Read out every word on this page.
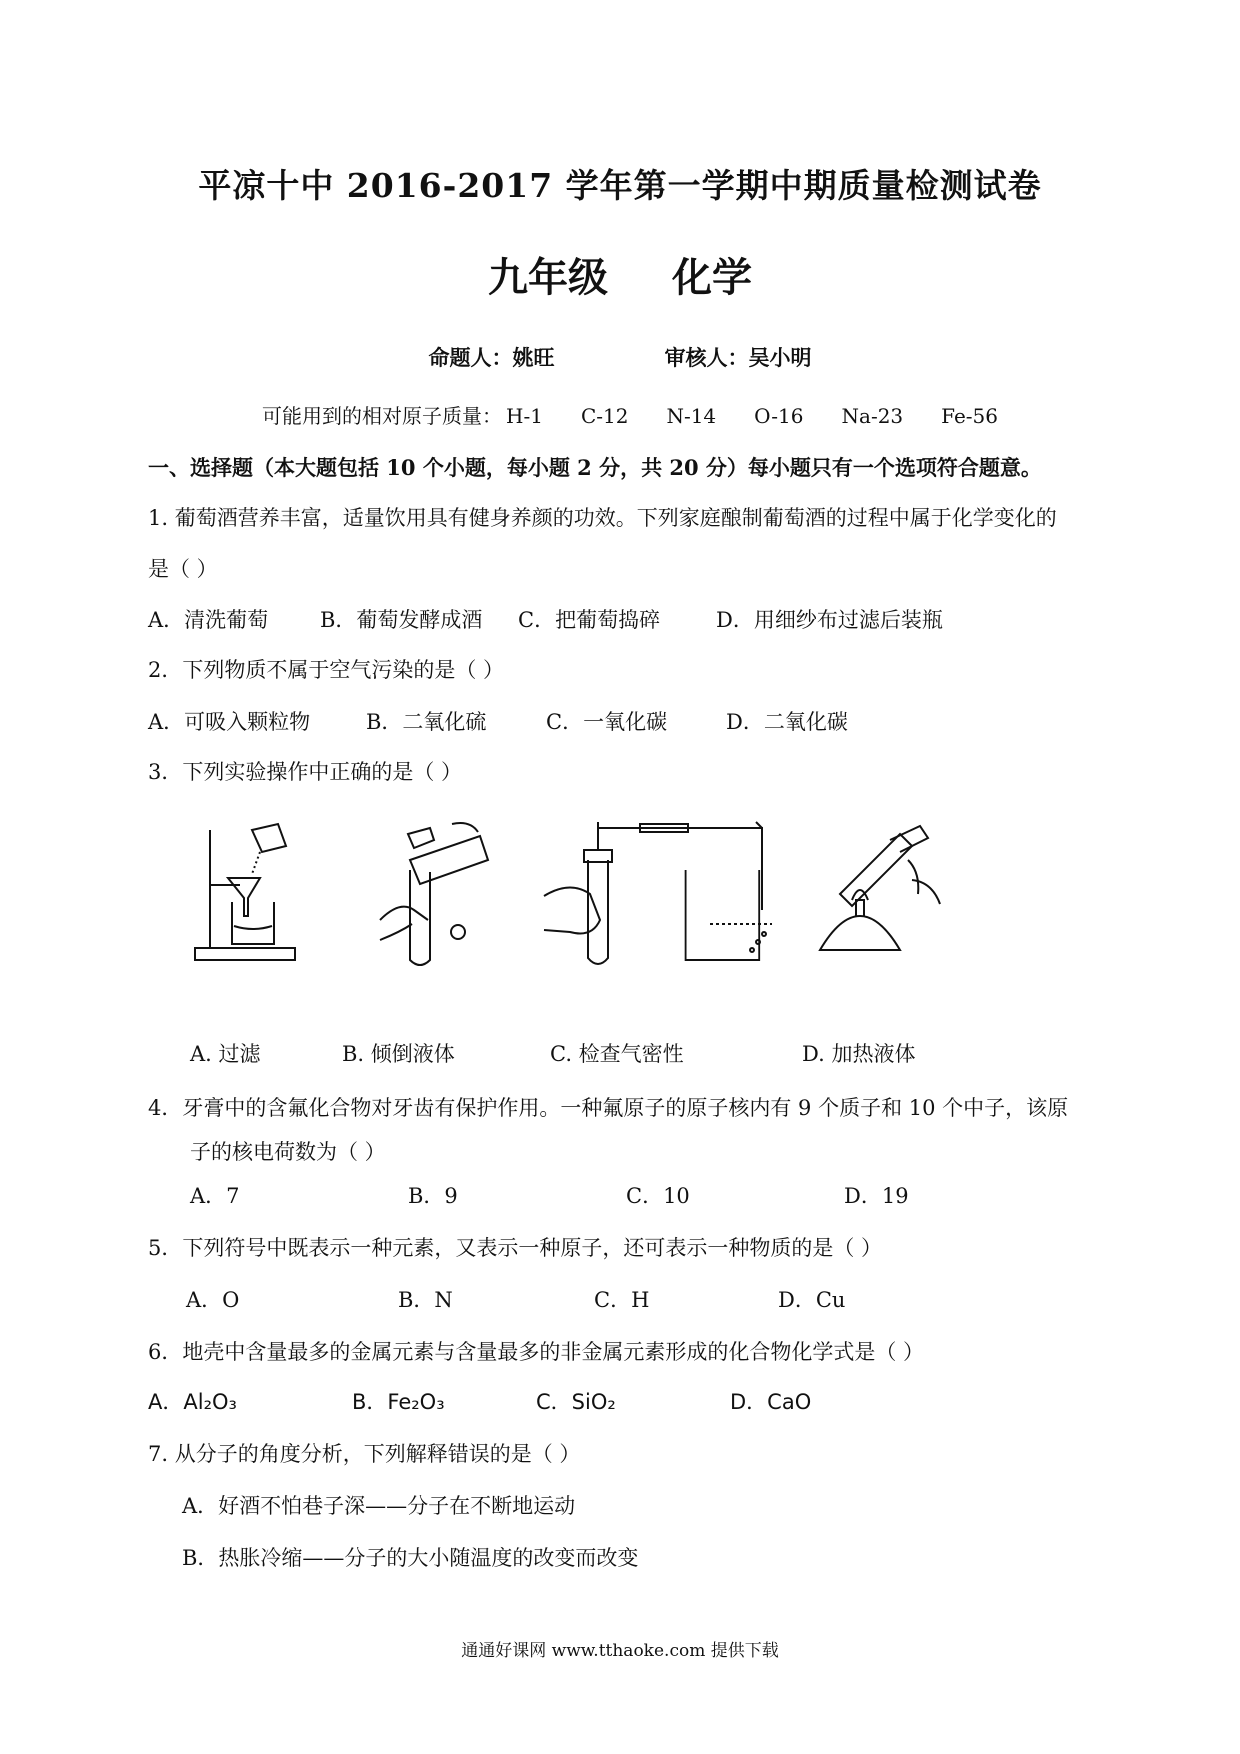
平凉十中 2016-2017 学年第一学期中期质量检测试卷
九年级 化学
命题人：姚旺	审核人：吴小明
可能用到的相对原子质量： H-1 C-12 N-14 O-16 Na-23 Fe-56
一、选择题（本大题包括 10 个小题，每小题 2 分，共 20 分）每小题只有一个选项符合题意。
1. 葡萄酒营养丰富，适量饮用具有健身养颜的功效。下列家庭酿制葡萄酒的过程中属于化学变化的
是（ ）
A．清洗葡萄 B．葡萄发酵成酒 C．把葡萄捣碎	D．用细纱布过滤后装瓶
2．下列物质不属于空气污染的是（ ）
A．可吸入颗粒物	B．二氧化硫	C．一氧化碳	D．二氧化碳
3．下列实验操作中正确的是（ ）
A. 过滤	B. 倾倒液体	C. 检查气密性	D. 加热液体
4．牙膏中的含氟化合物对牙齿有保护作用。一种氟原子的原子核内有 9 个质子和 10 个中子，该原
子的核电荷数为（ ）
A．7	B．9	C．10	D．19
5．下列符号中既表示一种元素，又表示一种原子，还可表示一种物质的是（ ）
A．O	B．N	C．H	D．Cu
6．地壳中含量最多的金属元素与含量最多的非金属元素形成的化合物化学式是（ ）
A．Al₂O₃	B．Fe₂O₃	C．SiO₂	D．CaO
7. 从分子的角度分析，下列解释错误的是（ ）
A．好酒不怕巷子深——分子在不断地运动
B．热胀冷缩——分子的大小随温度的改变而改变
通通好课网 www.tthaoke.com 提供下载
